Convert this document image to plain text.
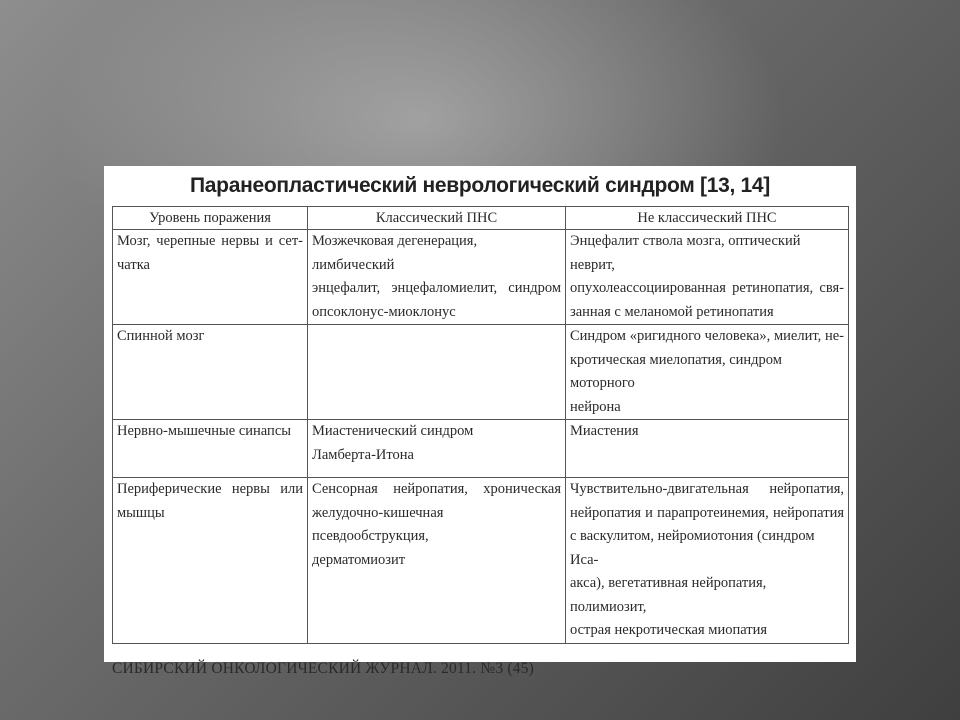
Паранеопластический неврологический синдром [13, 14]
Уровень поражения	Классический ПНС	Не классический ПНС

Мозг, черепные нервы и сет-
чатка	Мозжечковая дегенерация, лимбический
энцефалит, энцефаломиелит, синдром
опсоклонус-миоклонус	Энцефалит ствола мозга, оптический неврит,
опухолеассоциированная ретинопатия, свя-
занная с меланомой ретинопатия

Спинной мозг		Синдром «ригидного человека», миелит, не-
кротическая миелопатия, синдром моторного
нейрона

Нервно-мышечные синапсы	Миастенический синдром
Ламберта-Итона	Миастения

Периферические нервы или
мышцы	Сенсорная нейропатия, хроническая
желудочно-кишечная псевдообструкция,
дерматомиозит	Чувствительно-двигательная нейропатия,
нейропатия и парапротеинемия, нейропатия
с васкулитом, нейромиотония (синдром Иса-
акса), вегетативная нейропатия, полимиозит,
острая некротическая миопатия
СИБИРСКИЙ ОНКОЛОГИЧЕСКИЙ ЖУРНАЛ. 2011. №3 (45)
